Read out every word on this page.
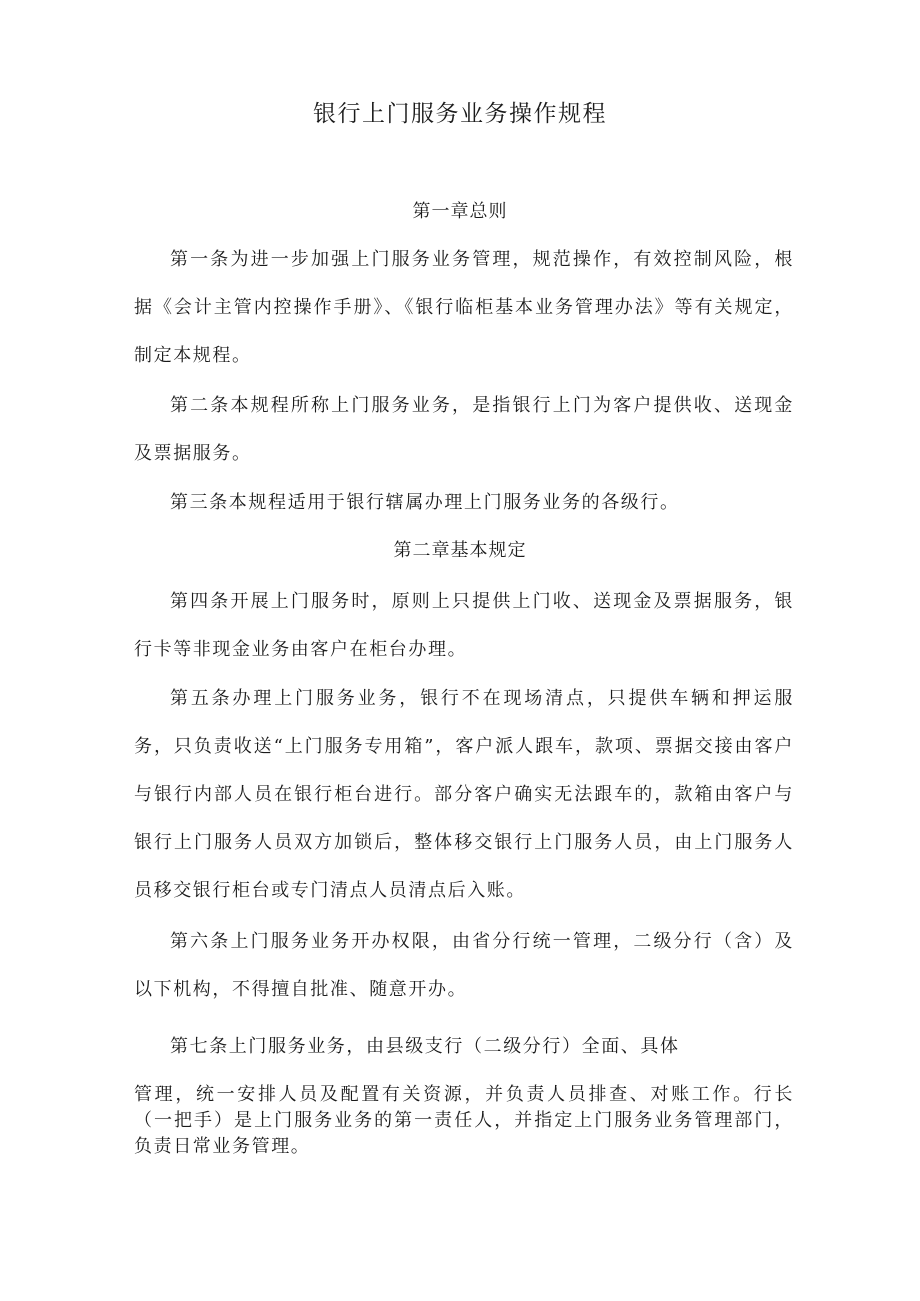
银行上门服务业务操作规程
第一章总则
第一条为进一步加强上门服务业务管理，规范操作，有效控制风险，根据《会计主管内控操作手册》、《银行临柜基本业务管理办法》等有关规定，制定本规程。
第二条本规程所称上门服务业务，是指银行上门为客户提供收、送现金及票据服务。
第三条本规程适用于银行辖属办理上门服务业务的各级行。
第二章基本规定
第四条开展上门服务时，原则上只提供上门收、送现金及票据服务，银行卡等非现金业务由客户在柜台办理。
第五条办理上门服务业务，银行不在现场清点，只提供车辆和押运服务，只负责收送“上门服务专用箱”，客户派人跟车，款项、票据交接由客户与银行内部人员在银行柜台进行。部分客户确实无法跟车的，款箱由客户与银行上门服务人员双方加锁后，整体移交银行上门服务人员，由上门服务人员移交银行柜台或专门清点人员清点后入账。
第六条上门服务业务开办权限，由省分行统一管理，二级分行（含）及以下机构，不得擅自批准、随意开办。
第七条上门服务业务，由县级支行（二级分行）全面、具体
管理，统一安排人员及配置有关资源，并负责人员排查、对账工作。行长（一把手）是上门服务业务的第一责任人，并指定上门服务业务管理部门，负责日常业务管理。
